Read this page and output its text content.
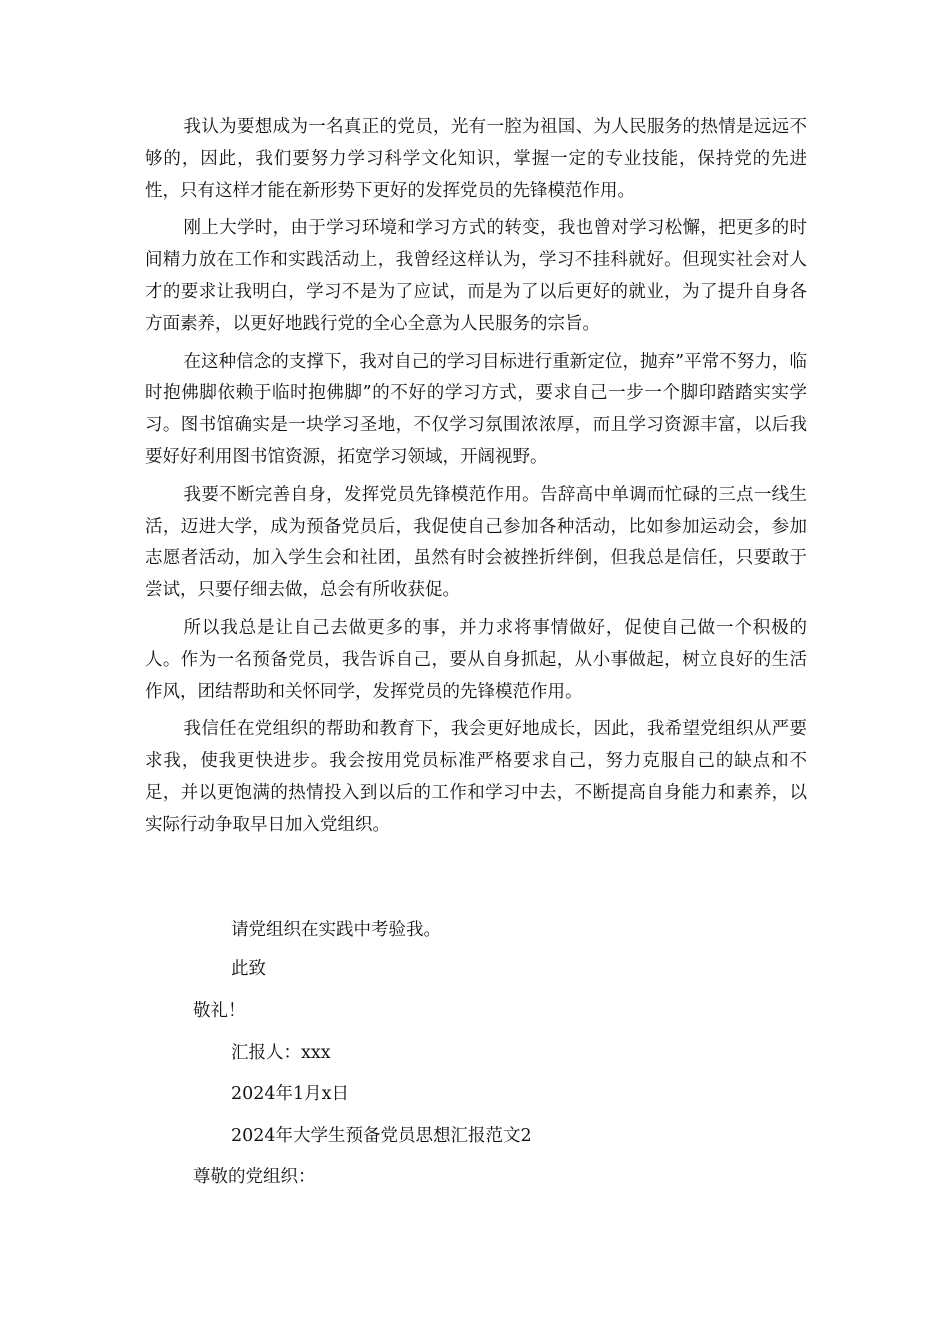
我认为要想成为一名真正的党员，光有一腔为祖国、为人民服务的热情是远远不够的，因此，我们要努力学习科学文化知识，掌握一定的专业技能，保持党的先进性，只有这样才能在新形势下更好的发挥党员的先锋模范作用。

刚上大学时，由于学习环境和学习方式的转变，我也曾对学习松懈，把更多的时间精力放在工作和实践活动上，我曾经这样认为，学习不挂科就好。但现实社会对人才的要求让我明白，学习不是为了应试，而是为了以后更好的就业，为了提升自身各方面素养，以更好地践行党的全心全意为人民服务的宗旨。

在这种信念的支撑下，我对自己的学习目标进行重新定位，抛弃”平常不努力，临时抱佛脚依赖于临时抱佛脚”的不好的学习方式，要求自己一步一个脚印踏踏实实学习。图书馆确实是一块学习圣地，不仅学习氛围浓浓厚，而且学习资源丰富，以后我要好好利用图书馆资源，拓宽学习领域，开阔视野。

我要不断完善自身，发挥党员先锋模范作用。告辞高中单调而忙碌的三点一线生活，迈进大学，成为预备党员后，我促使自己参加各种活动，比如参加运动会，参加志愿者活动，加入学生会和社团，虽然有时会被挫折绊倒，但我总是信任，只要敢于尝试，只要仔细去做，总会有所收获促。

所以我总是让自己去做更多的事，并力求将事情做好，促使自己做一个积极的人。作为一名预备党员，我告诉自己，要从自身抓起，从小事做起，树立良好的生活作风，团结帮助和关怀同学，发挥党员的先锋模范作用。

我信任在党组织的帮助和教育下，我会更好地成长，因此，我希望党组织从严要求我，使我更快进步。我会按用党员标准严格要求自己，努力克服自己的缺点和不足，并以更饱满的热情投入到以后的工作和学习中去，不断提高自身能力和素养，以实际行动争取早日加入党组织。

请党组织在实践中考验我。
此致
敬礼！
汇报人：xxx
2024年1月x日
2024年大学生预备党员思想汇报范文2
尊敬的党组织：
